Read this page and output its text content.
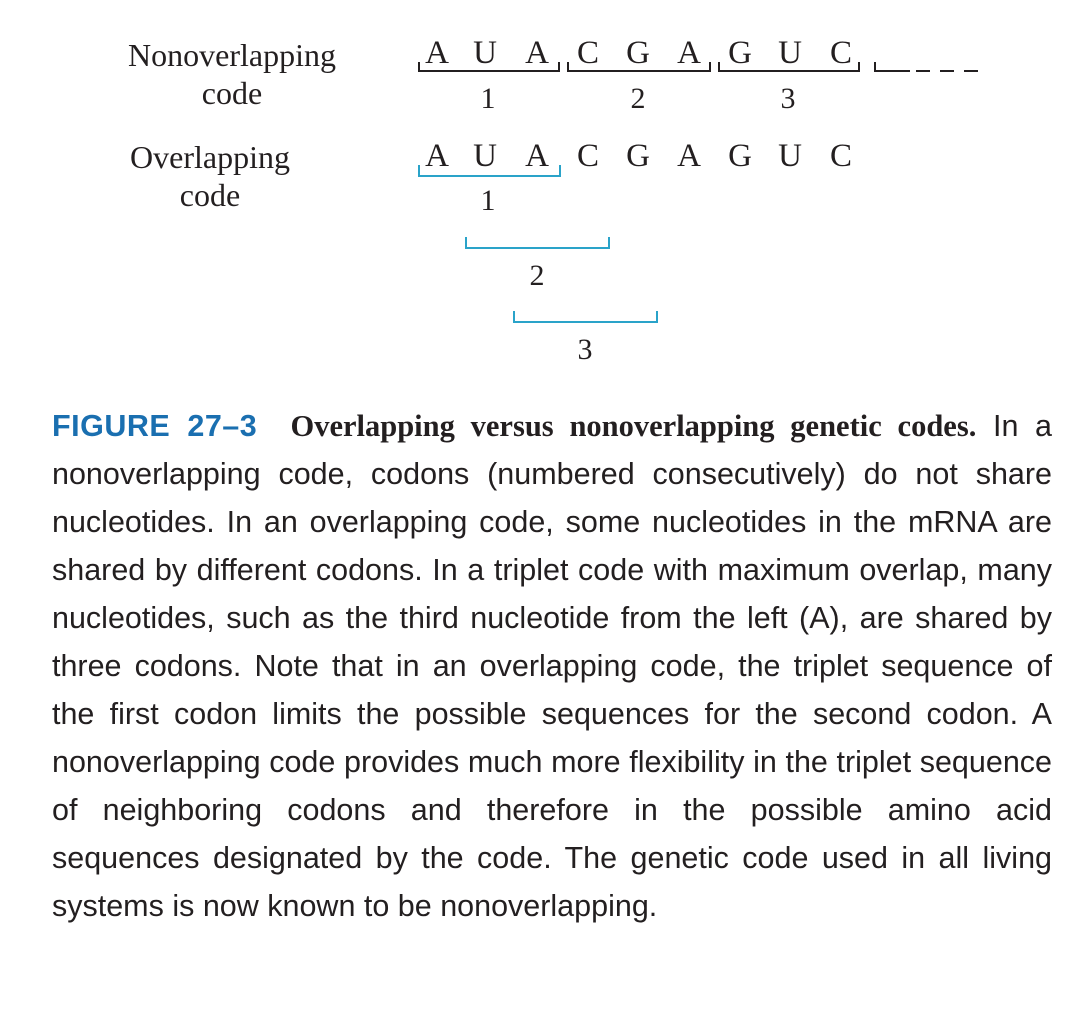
Nonoverlapping
code
A U A C G A G U C
1	2	3
Overlapping
code
A U A C G A G U C
1
2
3
FIGURE 27–3 Overlapping versus nonoverlapping genetic codes. In a nonoverlapping code, codons (numbered consecutively) do not share nucleotides. In an overlapping code, some nucleotides in the mRNA are shared by different codons. In a triplet code with maximum overlap, many nucleotides, such as the third nucleotide from the left (A), are shared by three codons. Note that in an overlapping code, the triplet sequence of the first codon limits the possible sequences for the second codon. A nonoverlapping code provides much more flexibility in the triplet sequence of neighboring codons and therefore in the possible amino acid sequences designated by the code. The genetic code used in all living systems is now known to be nonoverlapping.
